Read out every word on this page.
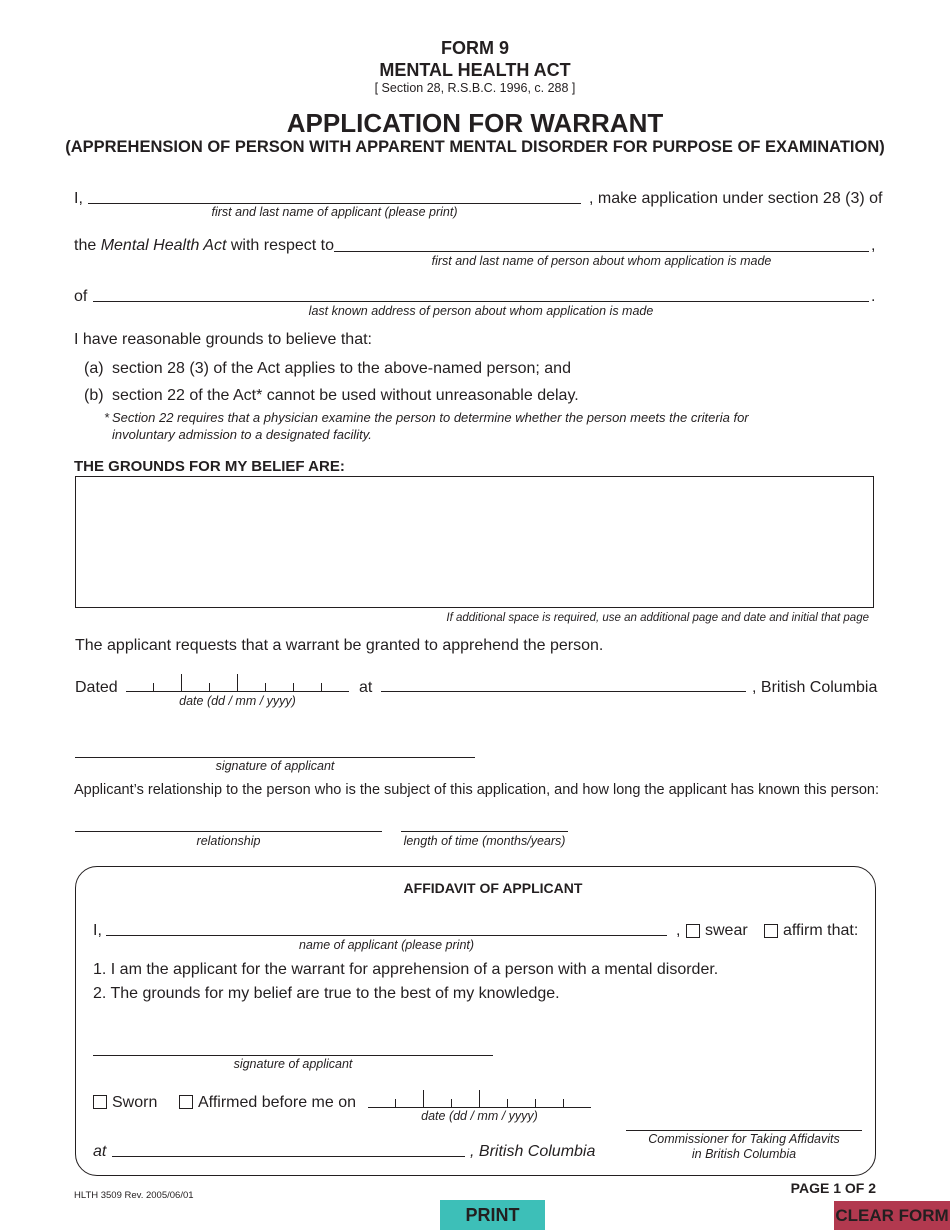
FORM 9
MENTAL HEALTH ACT
[ Section 28, R.S.B.C. 1996, c. 288 ]
APPLICATION FOR WARRANT
(APPREHENSION OF PERSON WITH APPARENT MENTAL DISORDER FOR PURPOSE OF EXAMINATION)
I,
first and last name of applicant (please print)
, make application under section 28 (3) of
the Mental Health Act with respect to
first and last name of person about whom application is made
,
of
last known address of person about whom application is made
.
I have reasonable grounds to believe that:
(a) section 28 (3) of the Act applies to the above-named person; and
(b) section 22 of the Act* cannot be used without unreasonable delay.
* Section 22 requires that a physician examine the person to determine whether the person meets the criteria for
involuntary admission to a designated facility.
THE GROUNDS FOR MY BELIEF ARE:
If additional space is required, use an additional page and date and initial that page
The applicant requests that a warrant be granted to apprehend the person.
Dated
date (dd / mm / yyyy)
at	, British Columbia
signature of applicant
Applicant’s relationship to the person who is the subject of this application, and how long the applicant has known this person:
relationship	length of time (months/years)
AFFIDAVIT OF APPLICANT
I,
name of applicant (please print)
, swear affirm that:
1. I am the applicant for the warrant for apprehension of a person with a mental disorder.
2. The grounds for my belief are true to the best of my knowledge.
signature of applicant
Sworn	Affirmed before me on
date (dd / mm / yyyy)
at	, British Columbia
Commissioner for Taking Affidavits
in British Columbia
HLTH 3509 Rev. 2005/06/01	PAGE 1 OF 2
PRINT	CLEAR FORM
